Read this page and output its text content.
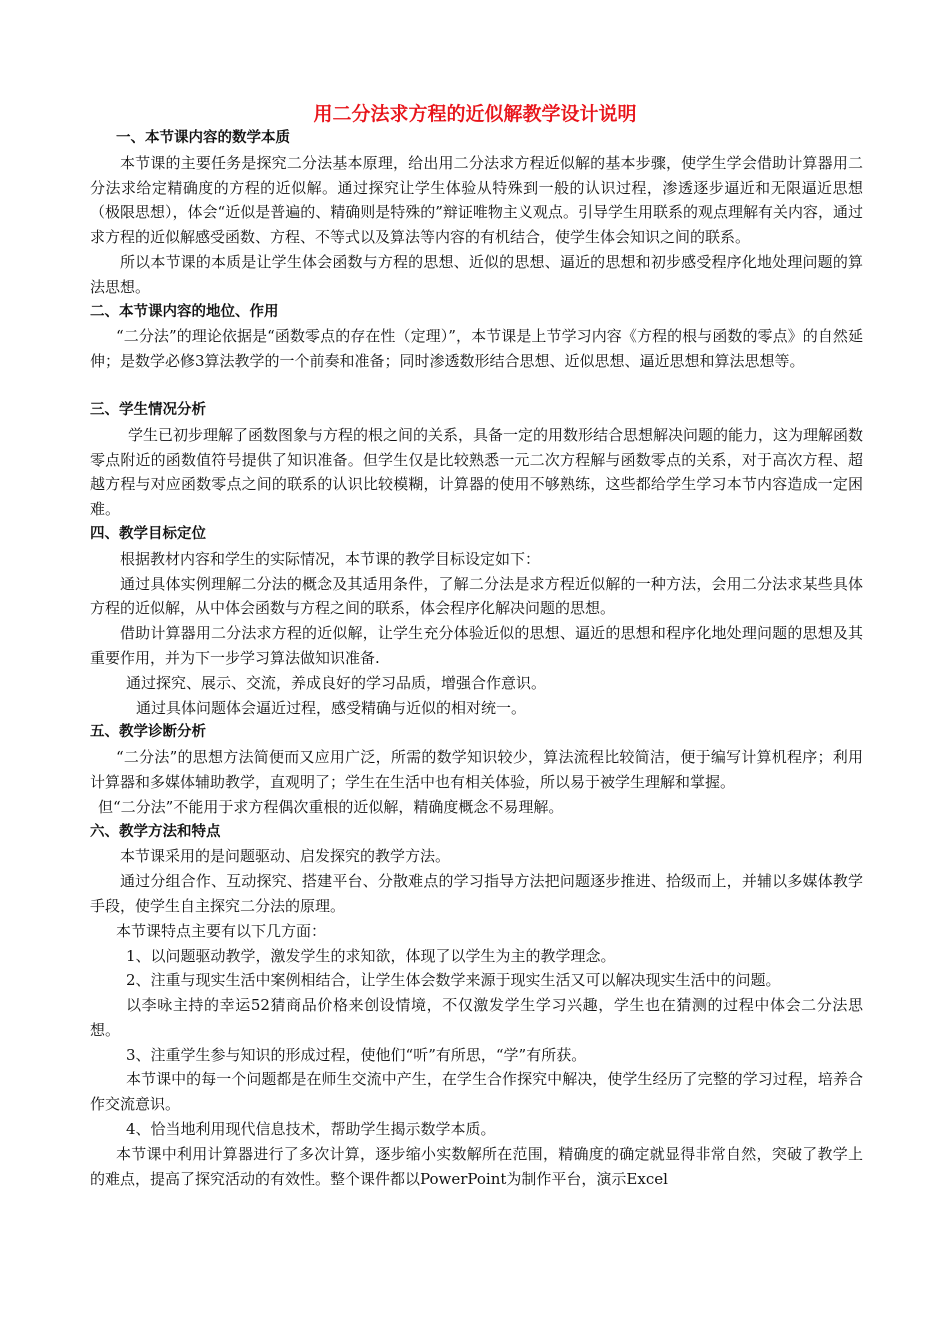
用二分法求方程的近似解教学设计说明
一、本节课内容的数学本质

本节课的主要任务是探究二分法基本原理，给出用二分法求方程近似解的基本步骤，使学生学会借助计算器用二分法求给定精确度的方程的近似解。通过探究让学生体验从特殊到一般的认识过程，渗透逐步逼近和无限逼近思想（极限思想），体会“近似是普遍的、精确则是特殊的”辩证唯物主义观点。引导学生用联系的观点理解有关内容，通过求方程的近似解感受函数、方程、不等式以及算法等内容的有机结合，使学生体会知识之间的联系。

所以本节课的本质是让学生体会函数与方程的思想、近似的思想、逼近的思想和初步感受程序化地处理问题的算法思想。

二、本节课内容的地位、作用

“二分法”的理论依据是“函数零点的存在性（定理）”，本节课是上节学习内容《方程的根与函数的零点》的自然延伸；是数学必修3算法教学的一个前奏和准备；同时渗透数形结合思想、近似思想、逼近思想和算法思想等。

三、学生情况分析

学生已初步理解了函数图象与方程的根之间的关系，具备一定的用数形结合思想解决问题的能力，这为理解函数零点附近的函数值符号提供了知识准备。但学生仅是比较熟悉一元二次方程解与函数零点的关系，对于高次方程、超越方程与对应函数零点之间的联系的认识比较模糊，计算器的使用不够熟练，这些都给学生学习本节内容造成一定困难。

四、教学目标定位

根据教材内容和学生的实际情况，本节课的教学目标设定如下：

通过具体实例理解二分法的概念及其适用条件，了解二分法是求方程近似解的一种方法，会用二分法求某些具体方程的近似解，从中体会函数与方程之间的联系，体会程序化解决问题的思想。

借助计算器用二分法求方程的近似解，让学生充分体验近似的思想、逼近的思想和程序化地处理问题的思想及其重要作用，并为下一步学习算法做知识准备.

通过探究、展示、交流，养成良好的学习品质，增强合作意识。

通过具体问题体会逼近过程，感受精确与近似的相对统一。

五、教学诊断分析

“二分法”的思想方法简便而又应用广泛，所需的数学知识较少，算法流程比较简洁，便于编写计算机程序；利用计算器和多媒体辅助教学，直观明了；学生在生活中也有相关体验，所以易于被学生理解和掌握。

但“二分法”不能用于求方程偶次重根的近似解，精确度概念不易理解。

六、教学方法和特点

本节课采用的是问题驱动、启发探究的教学方法。

通过分组合作、互动探究、搭建平台、分散难点的学习指导方法把问题逐步推进、拾级而上，并辅以多媒体教学手段，使学生自主探究二分法的原理。

本节课特点主要有以下几方面：

1、以问题驱动教学，激发学生的求知欲，体现了以学生为主的教学理念。

2、注重与现实生活中案例相结合，让学生体会数学来源于现实生活又可以解决现实生活中的问题。

以李咏主持的幸运52猜商品价格来创设情境，不仅激发学生学习兴趣，学生也在猜测的过程中体会二分法思想。

3、注重学生参与知识的形成过程，使他们“听”有所思，“学”有所获。

本节课中的每一个问题都是在师生交流中产生，在学生合作探究中解决，使学生经历了完整的学习过程，培养合作交流意识。

4、恰当地利用现代信息技术，帮助学生揭示数学本质。

本节课中利用计算器进行了多次计算，逐步缩小实数解所在范围，精确度的确定就显得非常自然，突破了教学上的难点，提高了探究活动的有效性。整个课件都以PowerPoint为制作平台，演示Excel
